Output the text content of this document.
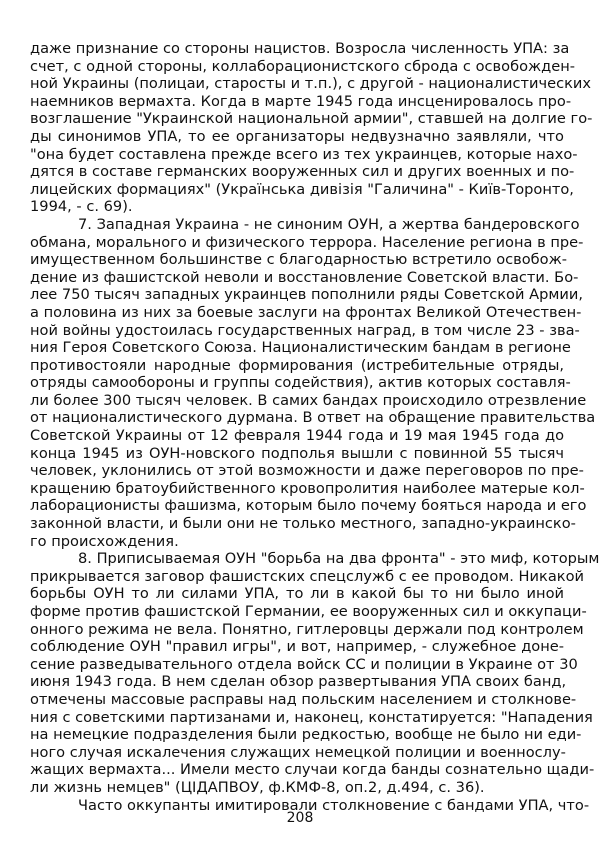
даже признание со стороны нацистов. Возросла численность УПА: за
счет, с одной стороны, коллаборационистского сброда с освобожден-
ной Украины (полицаи, старосты и т.п.), с другой - националистических
наемников вермахта. Когда в марте 1945 года инсценировалось про-
возглашение "Украинской национальной армии", ставшей на долгие го-
ды синонимов УПА, то ее организаторы недвузначно заявляли, что
"она будет составлена прежде всего из тех украинцев, которые нахо-
дятся в составе германских вооруженных сил и других военных и по-
лицейских формациях" (Українська дивізія "Галичина" - Київ-Торонто,
1994, - с. 69).
7. Западная Украина - не синоним ОУН, а жертва бандеровского
обмана, морального и физического террора. Население региона в пре-
имущественном большинстве с благодарностью встретило освобож-
дение из фашистской неволи и восстановление Советской власти. Бо-
лее 750 тысяч западных украинцев пополнили ряды Советской Армии,
а половина из них за боевые заслуги на фронтах Великой Отечествен-
ной войны удостоилась государственных наград, в том числе 23 - зва-
ния Героя Советского Союза. Националистическим бандам в регионе
противостояли народные формирования (истребительные отряды,
отряды самообороны и группы содействия), актив которых составля-
ли более 300 тысяч человек. В самих бандах происходило отрезвление
от националистического дурмана. В ответ на обращение правительства
Советской Украины от 12 февраля 1944 года и 19 мая 1945 года до
конца 1945 из ОУН-новского подполья вышли с повинной 55 тысяч
человек, уклонились от этой возможности и даже переговоров по пре-
кращению братоубийственного кровопролития наиболее матерые кол-
лаборационисты фашизма, которым было почему бояться народа и его
законной власти, и были они не только местного, западно-украинско-
го происхождения.
8. Приписываемая ОУН "борьба на два фронта" - это миф, которым
прикрывается заговор фашистских спецслужб с ее проводом. Никакой
борьбы ОУН то ли силами УПА, то ли в какой бы то ни было иной
форме против фашистской Германии, ее вооруженных сил и оккупаци-
онного режима не вела. Понятно, гитлеровцы держали под контролем
соблюдение ОУН "правил игры", и вот, например, - служебное доне-
сение разведывательного отдела войск СС и полиции в Украине от 30
июня 1943 года. В нем сделан обзор развертывания УПА своих банд,
отмечены массовые расправы над польским населением и столкнове-
ния с советскими партизанами и, наконец, констатируется: "Нападения
на немецкие подразделения были редкостью, вообще не было ни еди-
ного случая искалечения служащих немецкой полиции и военнослу-
жащих вермахта... Имели место случаи когда банды сознательно щади-
ли жизнь немцев" (ЦІДАПВОУ, ф.КМФ-8, оп.2, д.494, с. 36).
Часто оккупанты имитировали столкновение с бандами УПА, что-
208
